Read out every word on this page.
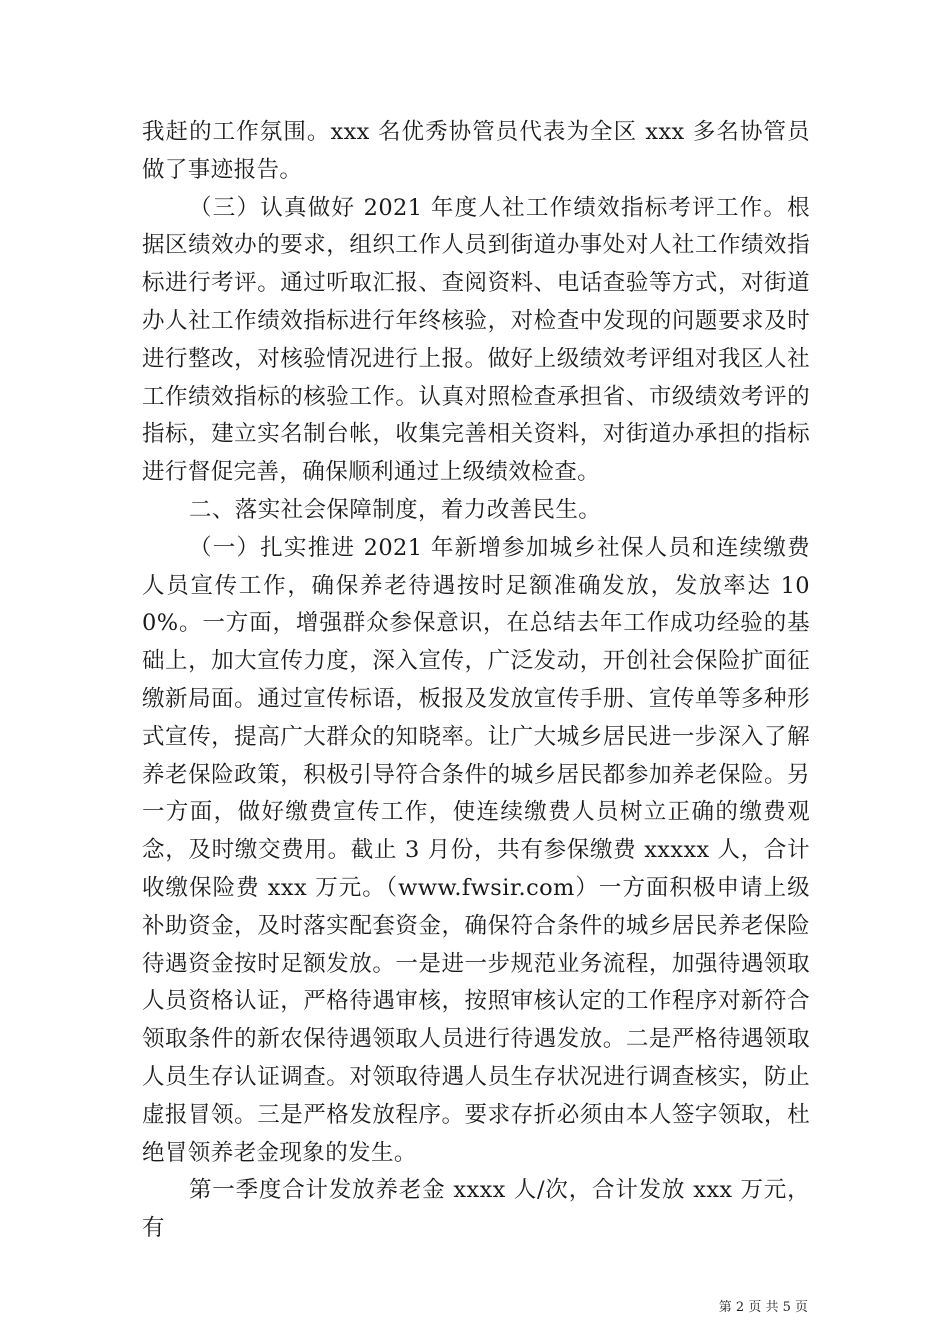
我赶的工作氛围。xxx 名优秀协管员代表为全区 xxx 多名协管员做了事迹报告。

（三）认真做好 2021 年度人社工作绩效指标考评工作。根据区绩效办的要求，组织工作人员到街道办事处对人社工作绩效指标进行考评。通过听取汇报、查阅资料、电话查验等方式，对街道办人社工作绩效指标进行年终核验，对检查中发现的问题要求及时进行整改，对核验情况进行上报。做好上级绩效考评组对我区人社工作绩效指标的核验工作。认真对照检查承担省、市级绩效考评的指标，建立实名制台帐，收集完善相关资料，对街道办承担的指标进行督促完善，确保顺利通过上级绩效检查。

二、落实社会保障制度，着力改善民生。

（一）扎实推进 2021 年新增参加城乡社保人员和连续缴费人员宣传工作，确保养老待遇按时足额准确发放，发放率达 100%。一方面，增强群众参保意识，在总结去年工作成功经验的基础上，加大宣传力度，深入宣传，广泛发动，开创社会保险扩面征缴新局面。通过宣传标语，板报及发放宣传手册、宣传单等多种形式宣传，提高广大群众的知晓率。让广大城乡居民进一步深入了解养老保险政策，积极引导符合条件的城乡居民都参加养老保险。另一方面，做好缴费宣传工作，使连续缴费人员树立正确的缴费观念，及时缴交费用。截止 3 月份，共有参保缴费 xxxxx 人，合计收缴保险费 xxx 万元。（www.fwsir.com）一方面积极申请上级补助资金，及时落实配套资金，确保符合条件的城乡居民养老保险待遇资金按时足额发放。一是进一步规范业务流程，加强待遇领取人员资格认证，严格待遇审核，按照审核认定的工作程序对新符合领取条件的新农保待遇领取人员进行待遇发放。二是严格待遇领取人员生存认证调查。对领取待遇人员生存状况进行调查核实，防止虚报冒领。三是严格发放程序。要求存折必须由本人签字领取，杜绝冒领养老金现象的发生。

第一季度合计发放养老金 xxxx 人/次，合计发放 xxx 万元，有

第 2 页 共 5 页
